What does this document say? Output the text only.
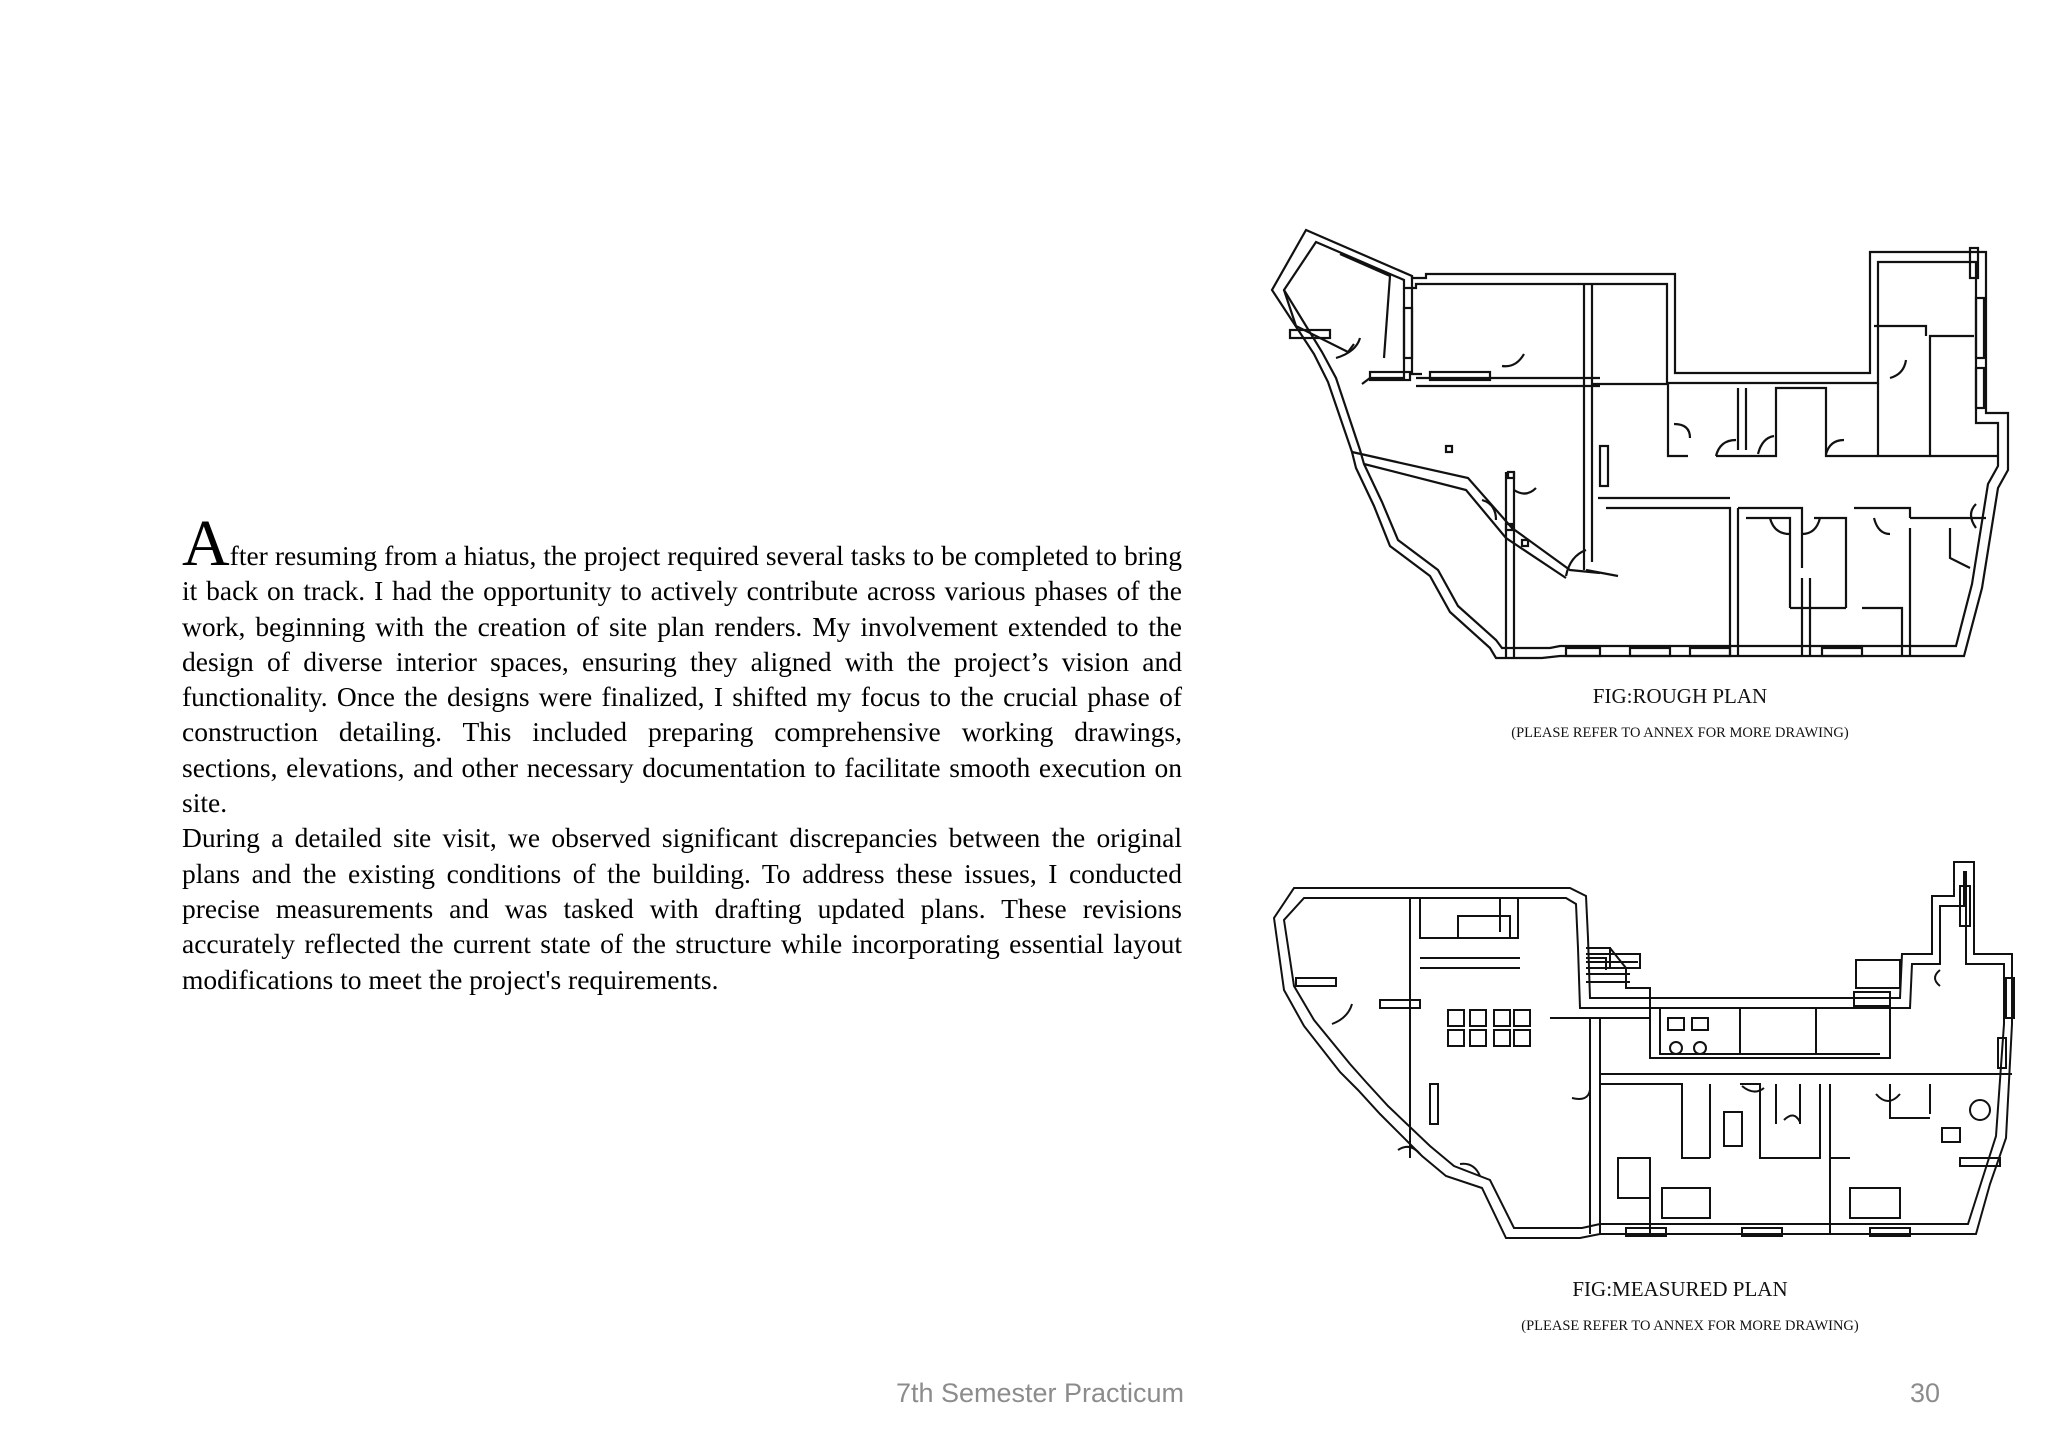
After resuming from a hiatus, the project required several tasks to be completed to bring it back on track. I had the opportunity to actively contribute across various phases of the work, beginning with the creation of site plan renders. My involvement extended to the design of diverse interior spaces, ensuring they aligned with the project’s vision and functionality. Once the designs were finalized, I shifted my focus to the crucial phase of construction detailing. This included preparing comprehensive working drawings, sections, elevations, and other necessary documentation to facilitate smooth execution on site.

During a detailed site visit, we observed significant discrepancies between the original plans and the existing conditions of the building. To address these issues, I conducted precise measurements and was tasked with drafting updated plans. These revisions accurately reflected the current state of the structure while incorporating essential layout modifications to meet the project's requirements.

FIG:ROUGH PLAN
(PLEASE REFER TO ANNEX FOR MORE DRAWING)
FIG:MEASURED PLAN
(PLEASE REFER TO ANNEX FOR MORE DRAWING)
7th Semester Practicum	30
